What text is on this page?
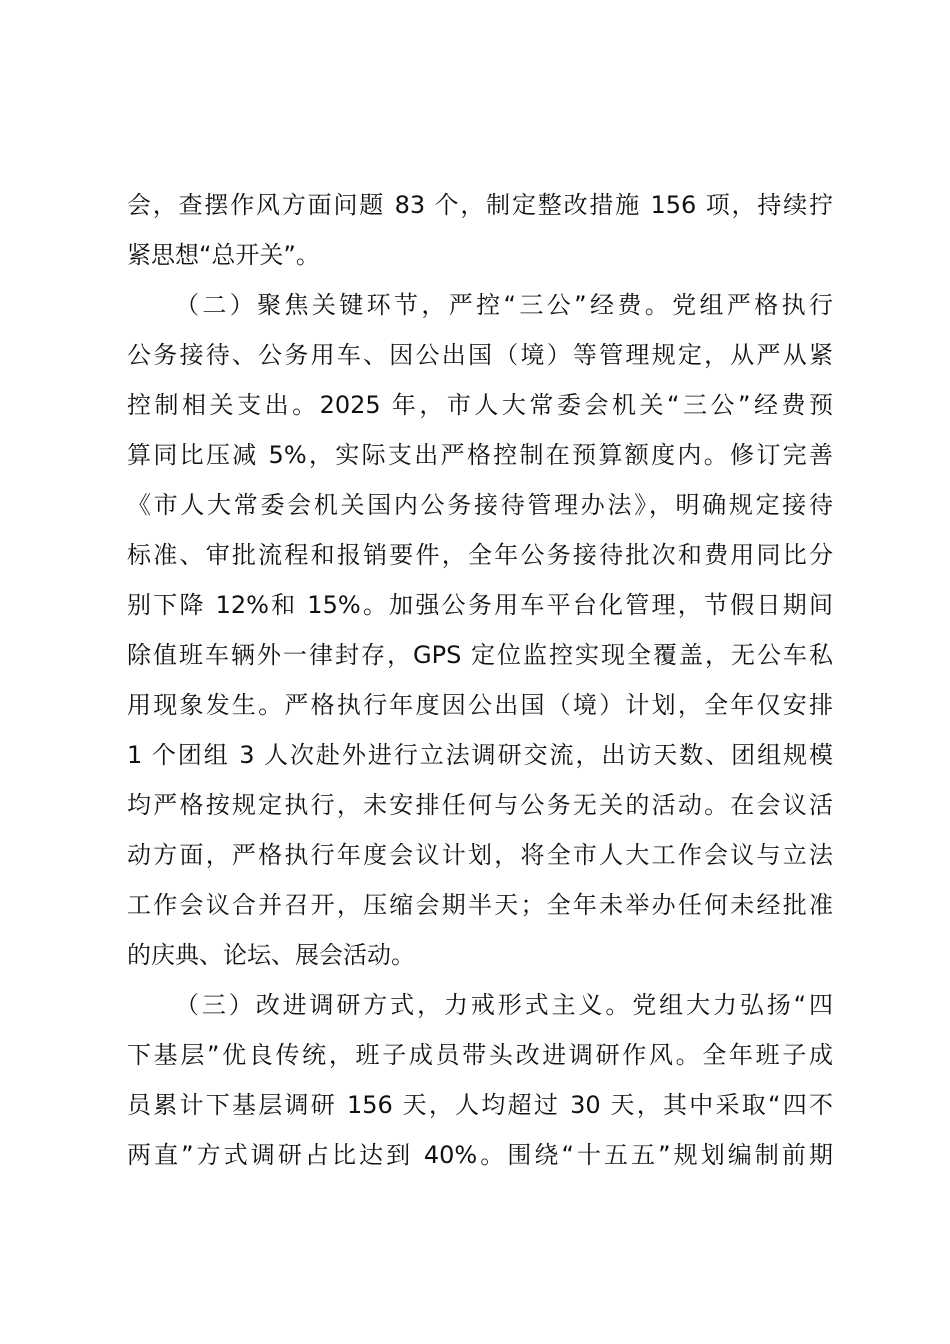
会，查摆作风方面问题 83 个，制定整改措施 156 项，持续拧
紧思想“总开关”。
（二）聚焦关键环节，严控“三公”经费。党组严格执行
公务接待、公务用车、因公出国（境）等管理规定，从严从紧
控制相关支出。2025 年，市人大常委会机关“三公”经费预
算同比压减 5%，实际支出严格控制在预算额度内。修订完善
《市人大常委会机关国内公务接待管理办法》，明确规定接待
标准、审批流程和报销要件，全年公务接待批次和费用同比分
别下降 12%和 15%。加强公务用车平台化管理，节假日期间
除值班车辆外一律封存，GPS 定位监控实现全覆盖，无公车私
用现象发生。严格执行年度因公出国（境）计划，全年仅安排
1 个团组 3 人次赴外进行立法调研交流，出访天数、团组规模
均严格按规定执行，未安排任何与公务无关的活动。在会议活
动方面，严格执行年度会议计划，将全市人大工作会议与立法
工作会议合并召开，压缩会期半天；全年未举办任何未经批准
的庆典、论坛、展会活动。
（三）改进调研方式，力戒形式主义。党组大力弘扬“四
下基层”优良传统，班子成员带头改进调研作风。全年班子成
员累计下基层调研 156 天，人均超过 30 天，其中采取“四不
两直”方式调研占比达到 40%。围绕“十五五”规划编制前期
